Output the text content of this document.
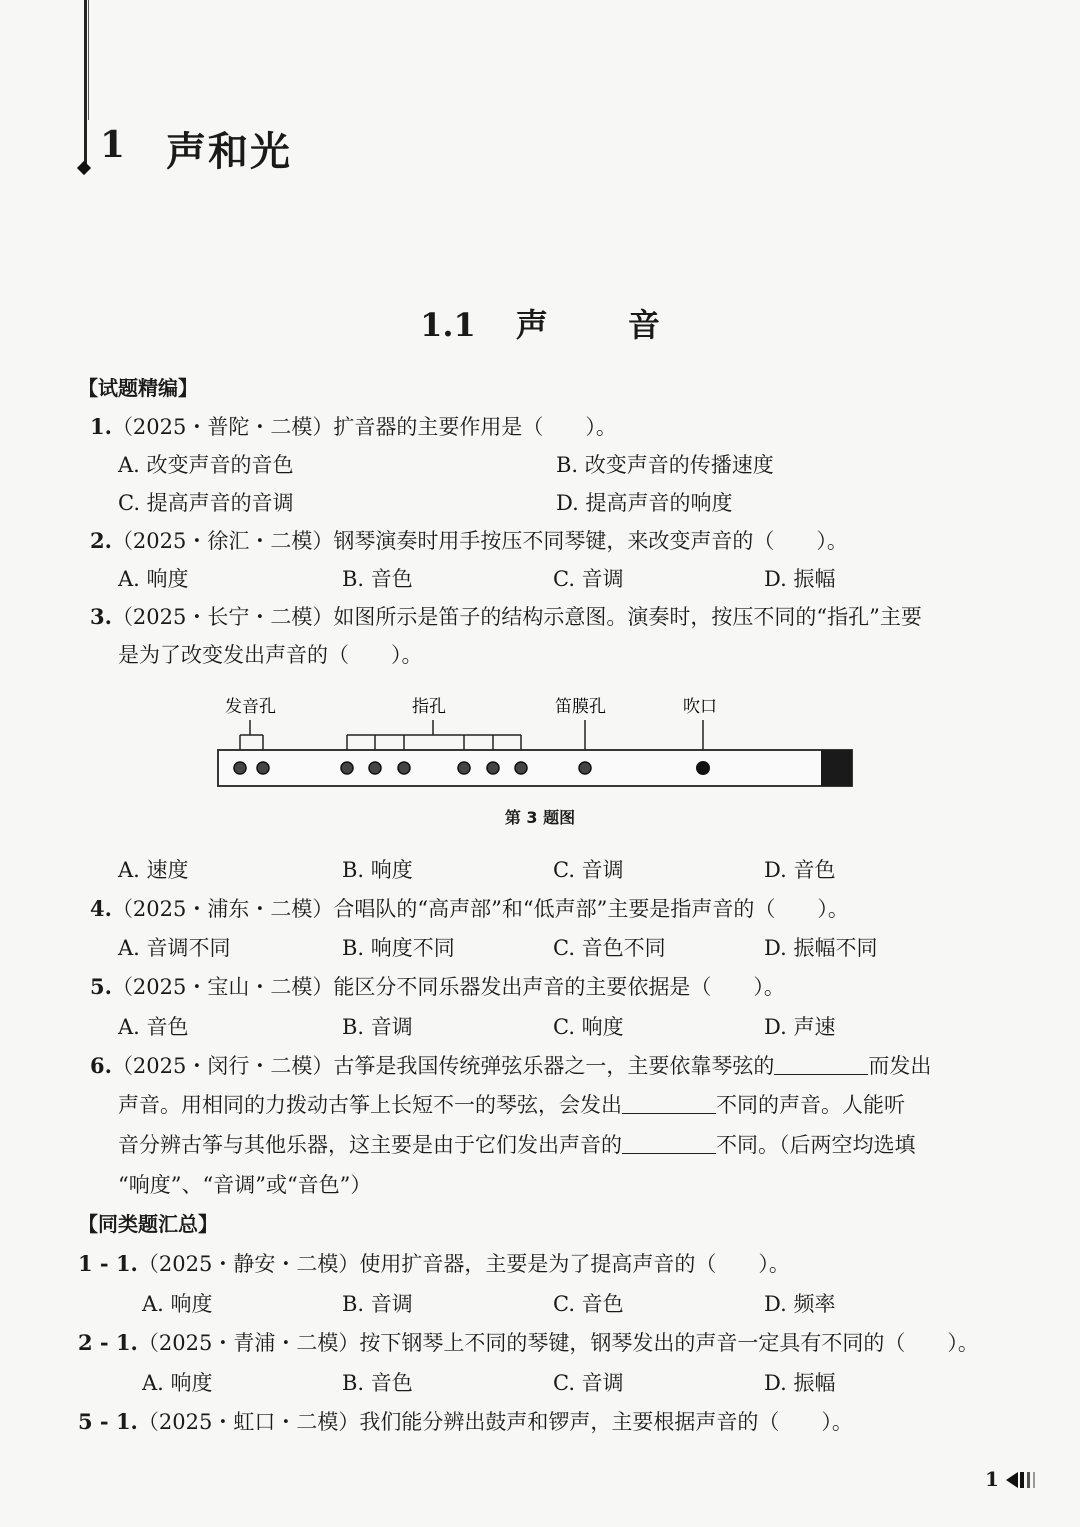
1 声和光
1.1 声	音
【试题精编】
1.（2025・普陀・二模）扩音器的主要作用是（　　）。
A. 改变声音的音色	B. 改变声音的传播速度
C. 提高声音的音调	D. 提高声音的响度
2.（2025・徐汇・二模）钢琴演奏时用手按压不同琴键，来改变声音的（　　）。
A. 响度	B. 音色	C. 音调	D. 振幅
3.（2025・长宁・二模）如图所示是笛子的结构示意图。演奏时，按压不同的“指孔”主要
是为了改变发出声音的（　　）。
发音孔	指孔	笛膜孔	吹口
第 3 题图
A. 速度	B. 响度	C. 音调	D. 音色
4.（2025・浦东・二模）合唱队的“高声部”和“低声部”主要是指声音的（　　）。
A. 音调不同	B. 响度不同	C. 音色不同	D. 振幅不同
5.（2025・宝山・二模）能区分不同乐器发出声音的主要依据是（　　）。
A. 音色	B. 音调	C. 响度	D. 声速
6.（2025・闵行・二模）古筝是我国传统弹弦乐器之一，主要依靠琴弦的	而发出
声音。用相同的力拨动古筝上长短不一的琴弦，会发出	不同的声音。人能听
音分辨古筝与其他乐器，这主要是由于它们发出声音的	不同。（后两空均选填
“响度”、“音调”或“音色”）
【同类题汇总】
1 - 1.（2025・静安・二模）使用扩音器，主要是为了提高声音的（　　）。
A. 响度	B. 音调	C. 音色	D. 频率
2 - 1.（2025・青浦・二模）按下钢琴上不同的琴键，钢琴发出的声音一定具有不同的（　　）。
A. 响度	B. 音色	C. 音调	D. 振幅
5 - 1.（2025・虹口・二模）我们能分辨出鼓声和锣声，主要根据声音的（　　）。
1
